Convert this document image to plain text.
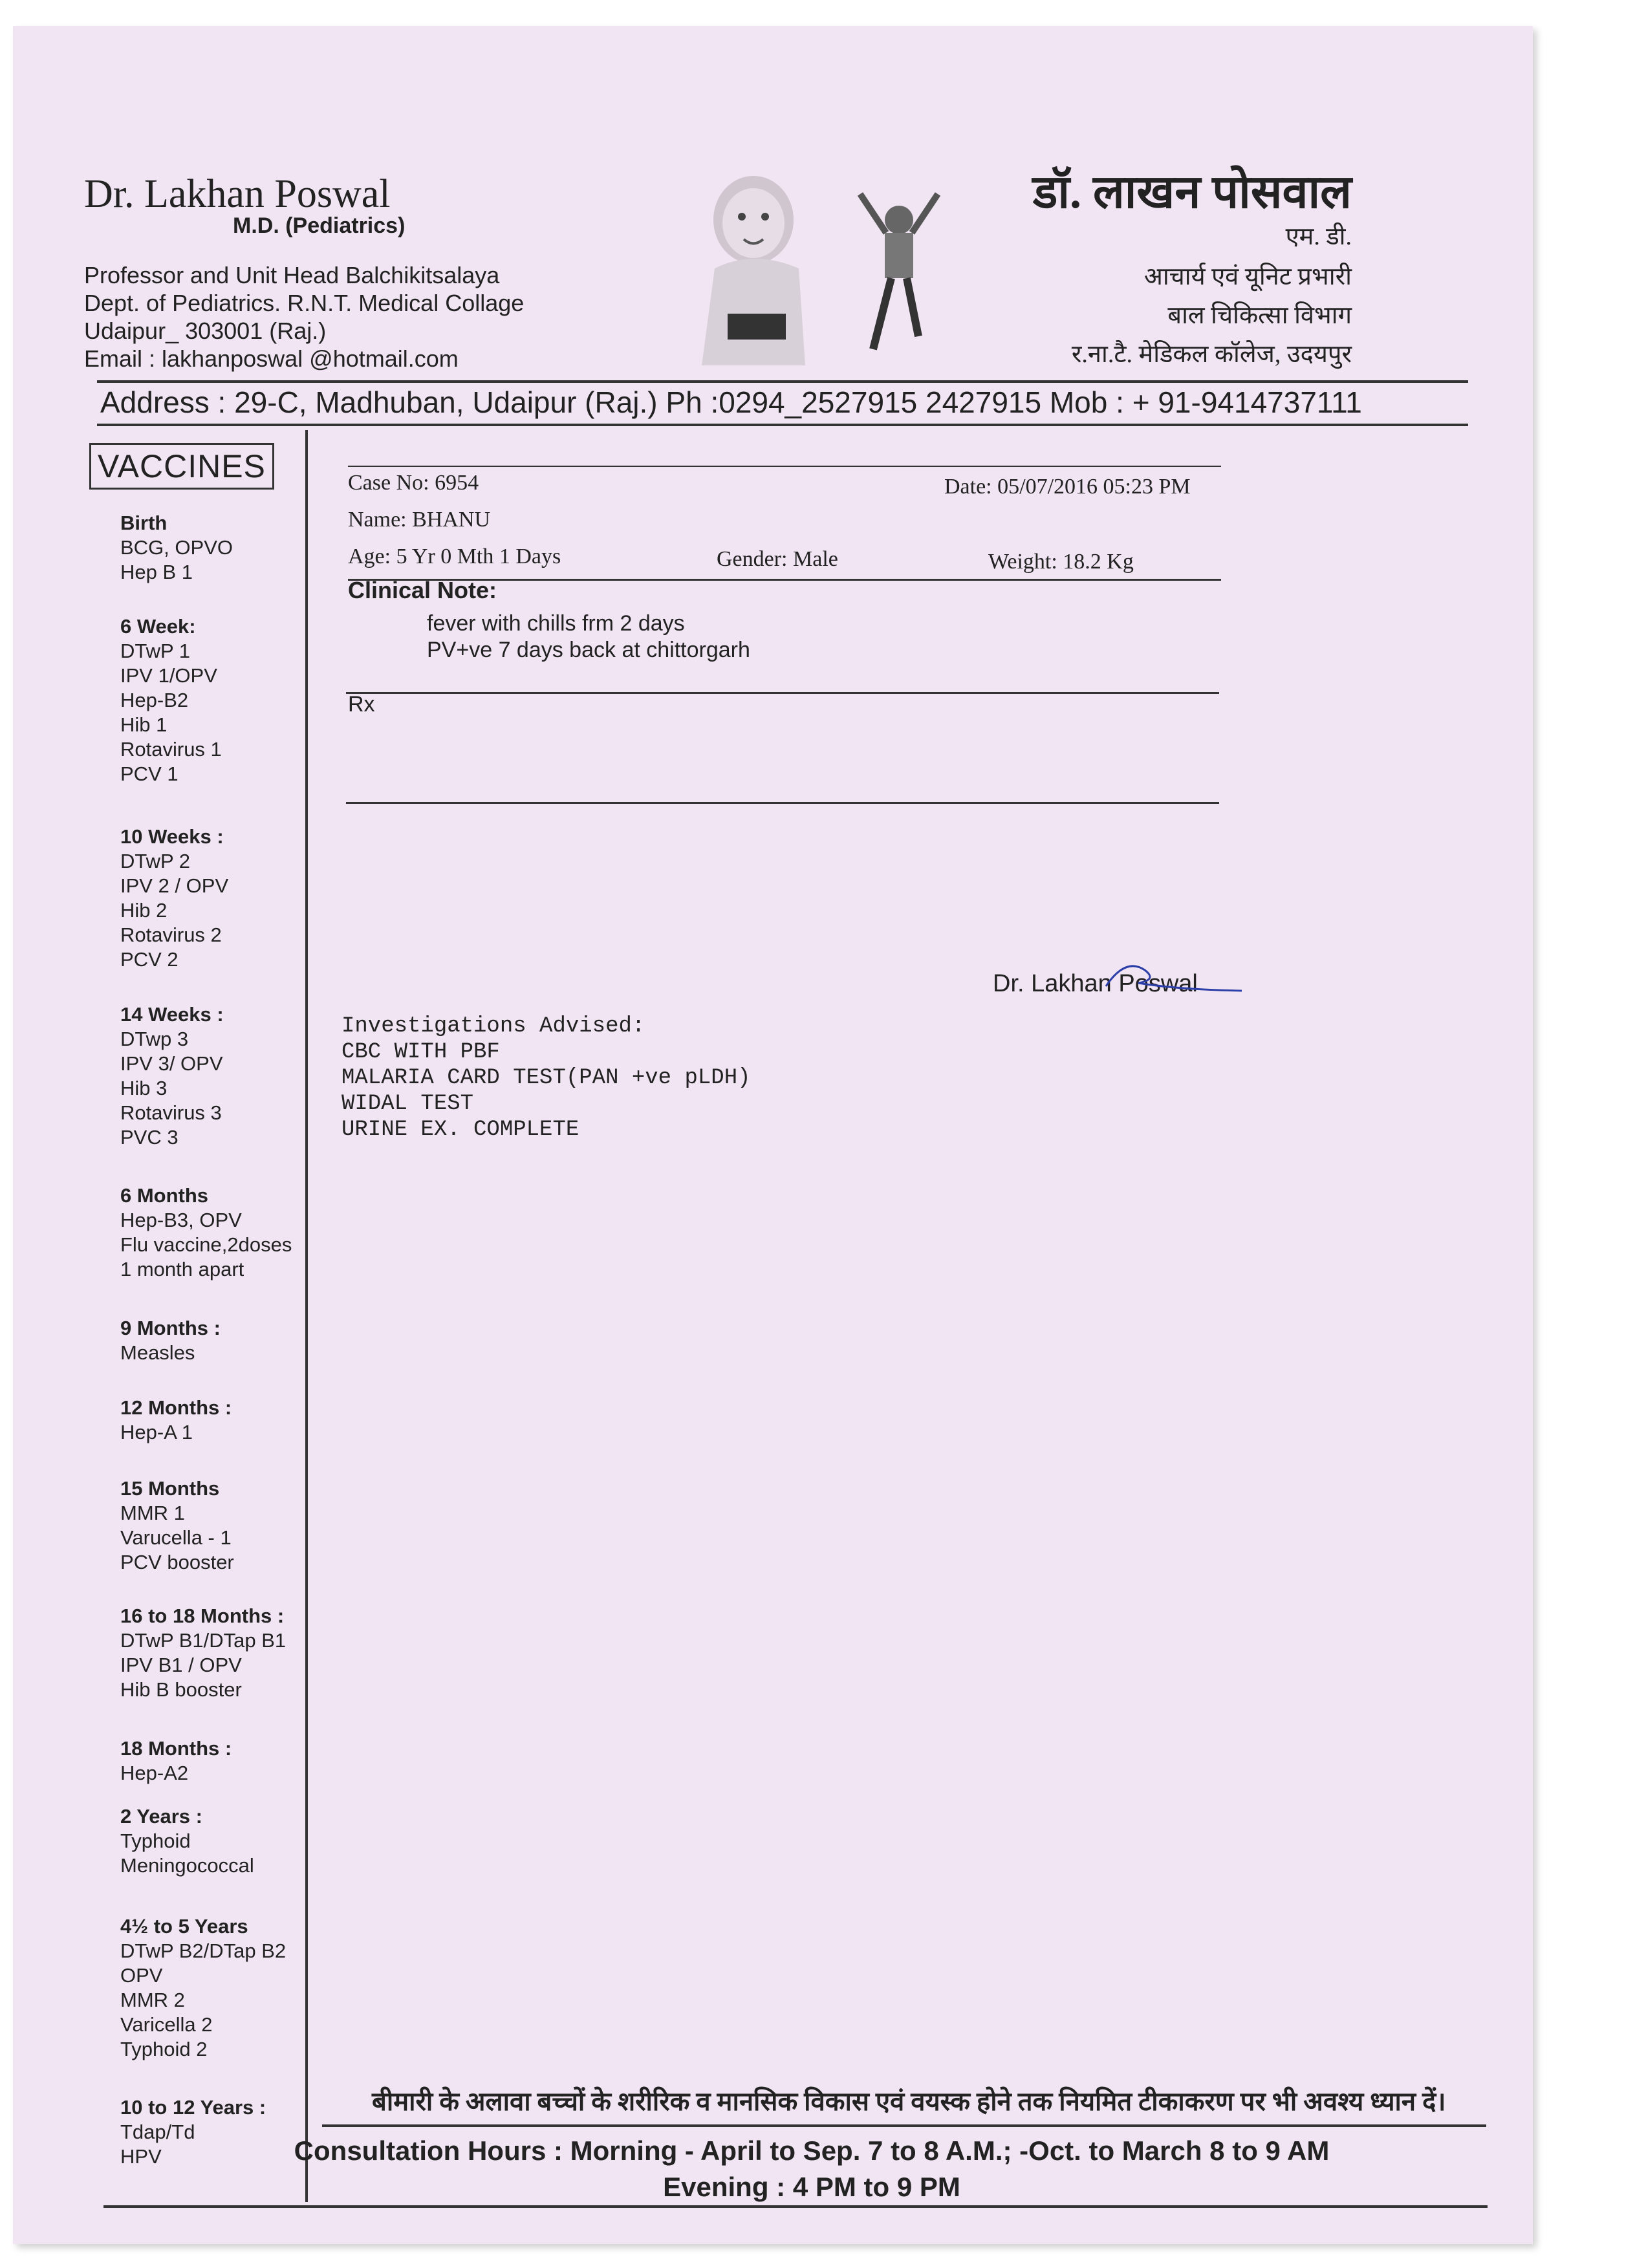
Dr. Lakhan Poswal
M.D. (Pediatrics)
Professor and Unit Head Balchikitsalaya
Dept. of Pediatrics. R.N.T. Medical Collage
Udaipur_ 303001 (Raj.)
Email : lakhanposwal @hotmail.com
डॉ. लाखन पोसवाल
एम. डी.
आचार्य एवं यूनिट प्रभारी
बाल चिकित्सा विभाग
र.ना.टै. मेडिकल कॉलेज, उदयपुर
Address : 29-C, Madhuban, Udaipur (Raj.) Ph :0294_2527915 2427915 Mob : + 91-9414737111
VACCINES
Birth
BCG, OPVO
Hep B 1
6 Week:
DTwP 1
IPV 1/OPV
Hep-B2
Hib 1
Rotavirus 1
PCV 1
10 Weeks :
DTwP 2
IPV 2 / OPV
Hib 2
Rotavirus 2
PCV 2
14 Weeks :
DTwp 3
IPV 3/ OPV
Hib 3
Rotavirus 3
PVC 3
6 Months
Hep-B3, OPV
Flu vaccine,2doses
1 month apart
9 Months :
Measles
12 Months :
Hep-A 1
15 Months
MMR 1
Varucella - 1
PCV booster
16 to 18 Months :
DTwP B1/DTap B1
IPV B1 / OPV
Hib B booster
18 Months :
Hep-A2
2 Years :
Typhoid
Meningococcal
4½ to 5 Years
DTwP B2/DTap B2
OPV
MMR 2
Varicella 2
Typhoid 2
10 to 12 Years :
Tdap/Td
HPV
Case No: 6954	Date: 05/07/2016 05:23 PM
Name: BHANU
Age: 5 Yr 0 Mth 1 Days	Gender: Male	Weight: 18.2 Kg
Clinical Note:
fever with chills frm 2 days
PV+ve 7 days back at chittorgarh
Rx
Dr. Lakhan Poswal
Investigations Advised:
CBC WITH PBF
MALARIA CARD TEST(PAN +ve pLDH)
WIDAL TEST
URINE EX. COMPLETE
बीमारी के अलावा बच्चों के शरीरिक व मानसिक विकास एवं वयस्क होने तक नियमित टीकाकरण पर भी अवश्य ध्यान दें।
Consultation Hours : Morning - April to Sep. 7 to 8 A.M.; -Oct. to March 8 to 9 AM
Evening : 4 PM to 9 PM
